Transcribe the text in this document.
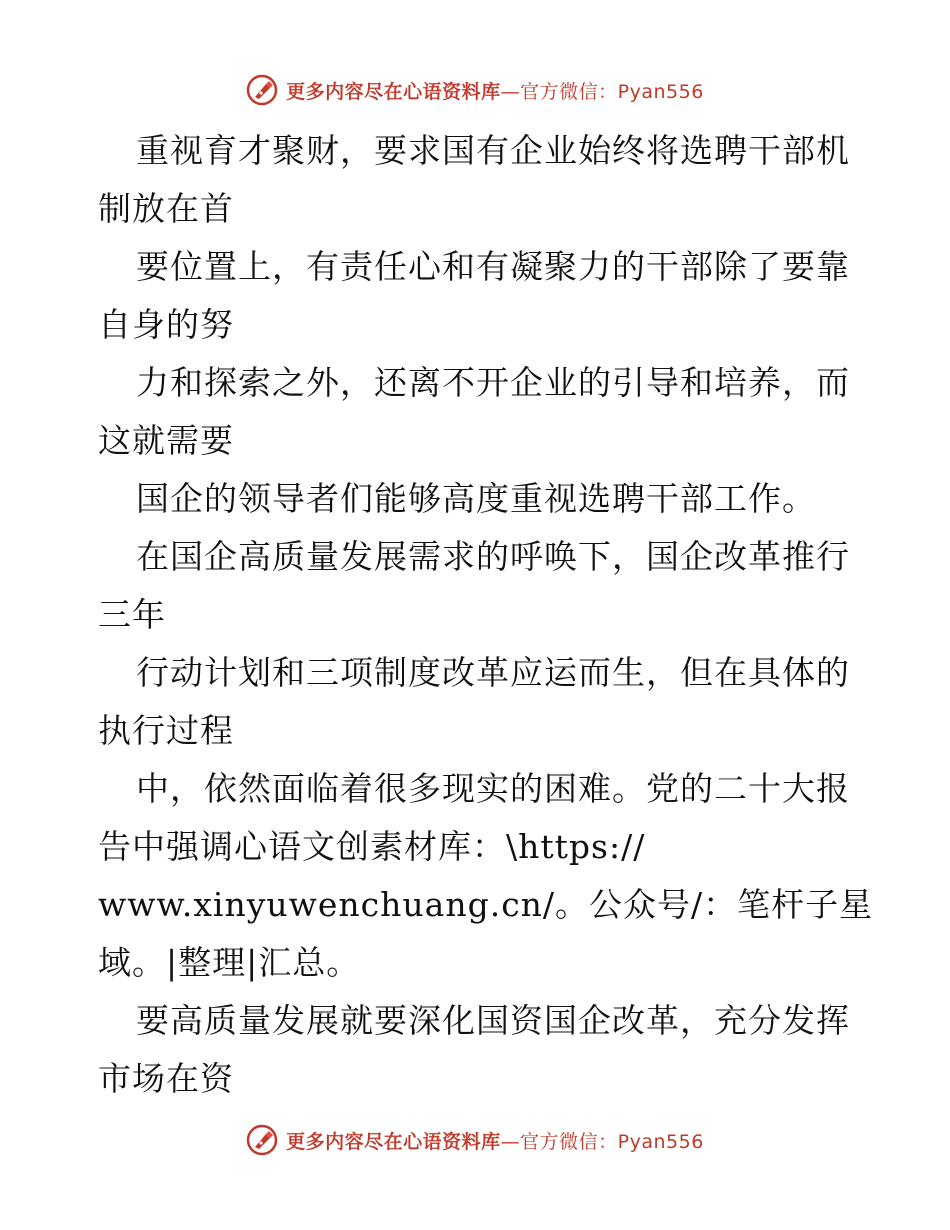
更多内容尽在心语资料库—官方微信：Pyan556
重视育才聚财，要求国有企业始终将选聘干部机
制放在首
要位置上，有责任心和有凝聚力的干部除了要靠
自身的努
力和探索之外，还离不开企业的引导和培养，而
这就需要
国企的领导者们能够高度重视选聘干部工作。
在国企高质量发展需求的呼唤下，国企改革推行
三年
行动计划和三项制度改革应运而生，但在具体的
执行过程
中，依然面临着很多现实的困难。党的二十大报
告中强调心语文创素材库：\https://
www.xinyuwenchuang.cn/。公众号/：笔杆子星
域。|整理|汇总。
要高质量发展就要深化国资国企改革，充分发挥
市场在资
更多内容尽在心语资料库—官方微信：Pyan556
